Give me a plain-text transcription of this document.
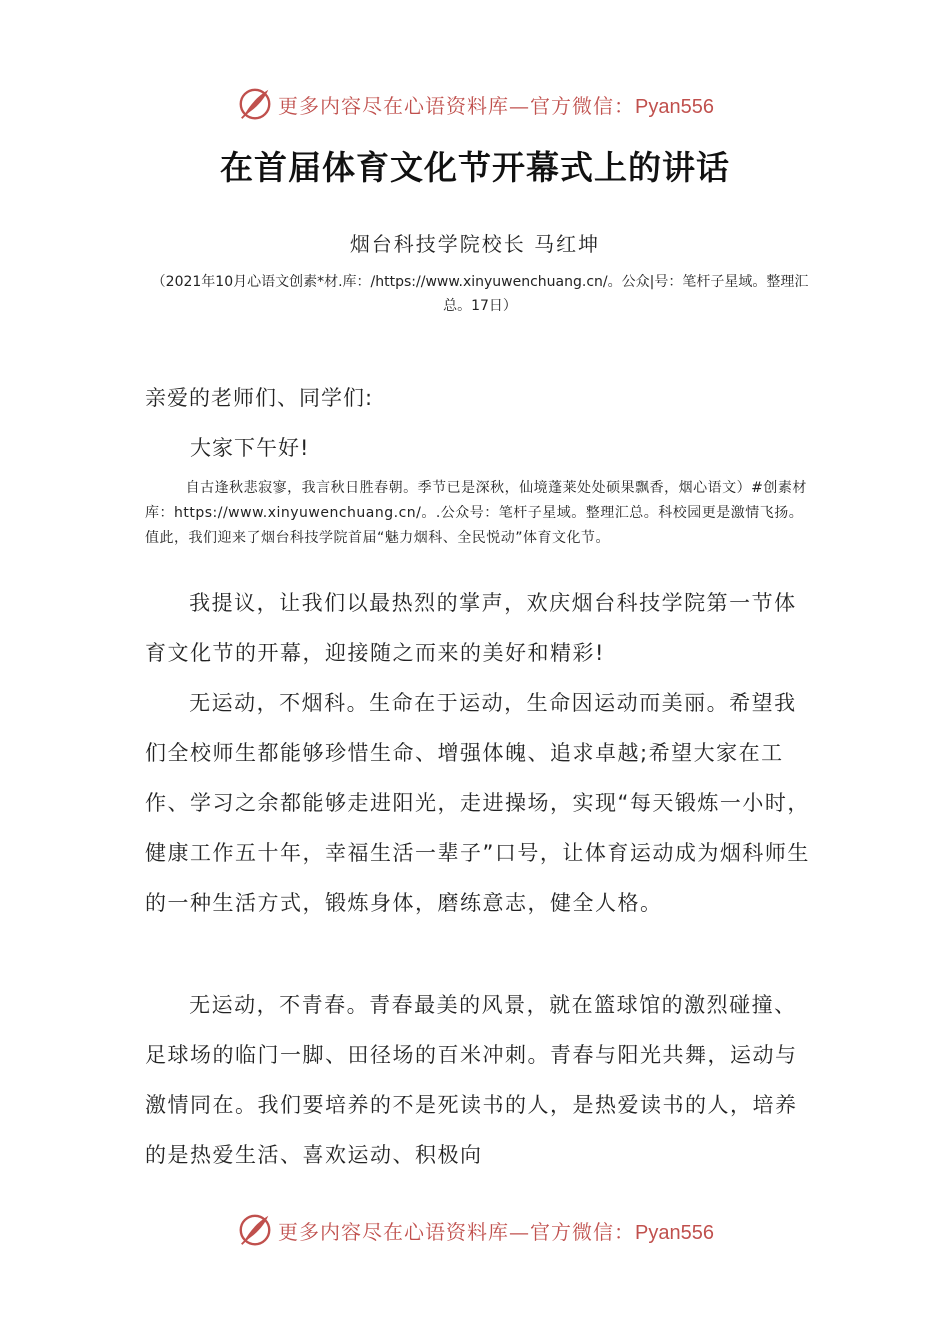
更多内容尽在心语资料库—官方微信：Pyan556
在首届体育文化节开幕式上的讲话
烟台科技学院校长 马红坤
（2021年10月心语文创素*材.库：/https://www.xinyuwenchuang.cn/。公众|号：笔杆子星域。整理汇总。17日）

亲爱的老师们、同学们:

大家下午好!

自古逢秋悲寂寥，我言秋日胜春朝。季节已是深秋，仙境蓬莱处处硕果飘香，烟心语文）#创素材库：https://www.xinyuwenchuang.cn/。.公众号：笔杆子星域。整理汇总。科校园更是激情飞扬。值此，我们迎来了烟台科技学院首届“魅力烟科、全民悦动”体育文化节。

我提议，让我们以最热烈的掌声，欢庆烟台科技学院第一节体育文化节的开幕，迎接随之而来的美好和精彩!

无运动，不烟科。生命在于运动，生命因运动而美丽。希望我们全校师生都能够珍惜生命、增强体魄、追求卓越;希望大家在工作、学习之余都能够走进阳光，走进操场，实现“每天锻炼一小时，健康工作五十年，幸福生活一辈子”口号，让体育运动成为烟科师生的一种生活方式，锻炼身体，磨练意志，健全人格。

无运动，不青春。青春最美的风景，就在篮球馆的激烈碰撞、足球场的临门一脚、田径场的百米冲刺。青春与阳光共舞，运动与激情同在。我们要培养的不是死读书的人，是热爱读书的人，培养的是热爱生活、喜欢运动、积极向

更多内容尽在心语资料库—官方微信：Pyan556
